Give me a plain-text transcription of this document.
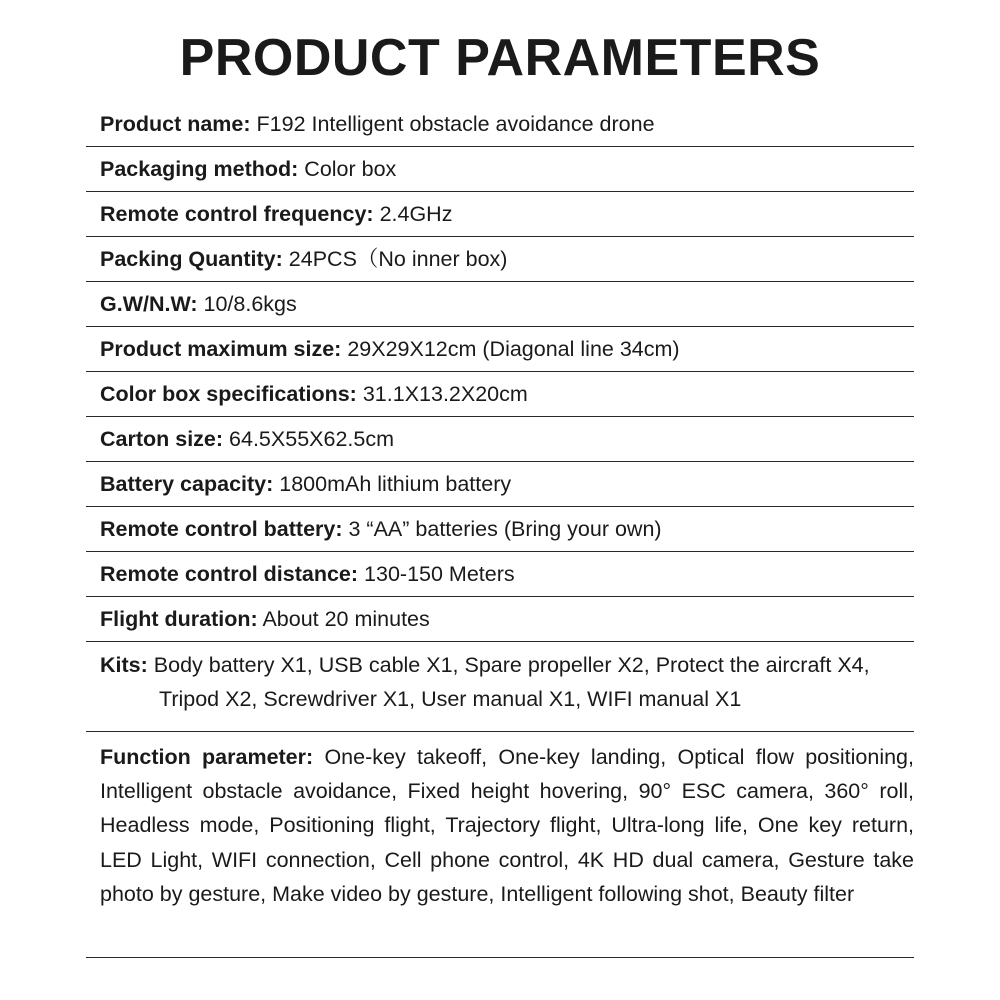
PRODUCT PARAMETERS
Product name: F192 Intelligent obstacle avoidance drone
Packaging method: Color box
Remote control frequency: 2.4GHz
Packing Quantity: 24PCS（No inner box)
G.W/N.W: 10/8.6kgs
Product maximum size: 29X29X12cm (Diagonal line 34cm)
Color box specifications: 31.1X13.2X20cm
Carton size: 64.5X55X62.5cm
Battery capacity: 1800mAh lithium battery
Remote control battery: 3 “AA” batteries (Bring your own)
Remote control distance: 130-150 Meters
Flight duration: About 20 minutes
Kits: Body battery X1, USB cable X1, Spare propeller X2, Protect the aircraft X4,
Tripod X2, Screwdriver X1, User manual X1, WIFI manual X1
Function parameter: One-key takeoff, One-key landing, Optical flow positioning, Intelligent obstacle avoidance, Fixed height hovering, 90° ESC camera, 360° roll, Headless mode, Positioning flight, Trajectory flight, Ultra-long life, One key return, LED Light, WIFI connection, Cell phone control, 4K HD dual camera, Gesture take photo by gesture, Make video by gesture, Intelligent following shot, Beauty filter
